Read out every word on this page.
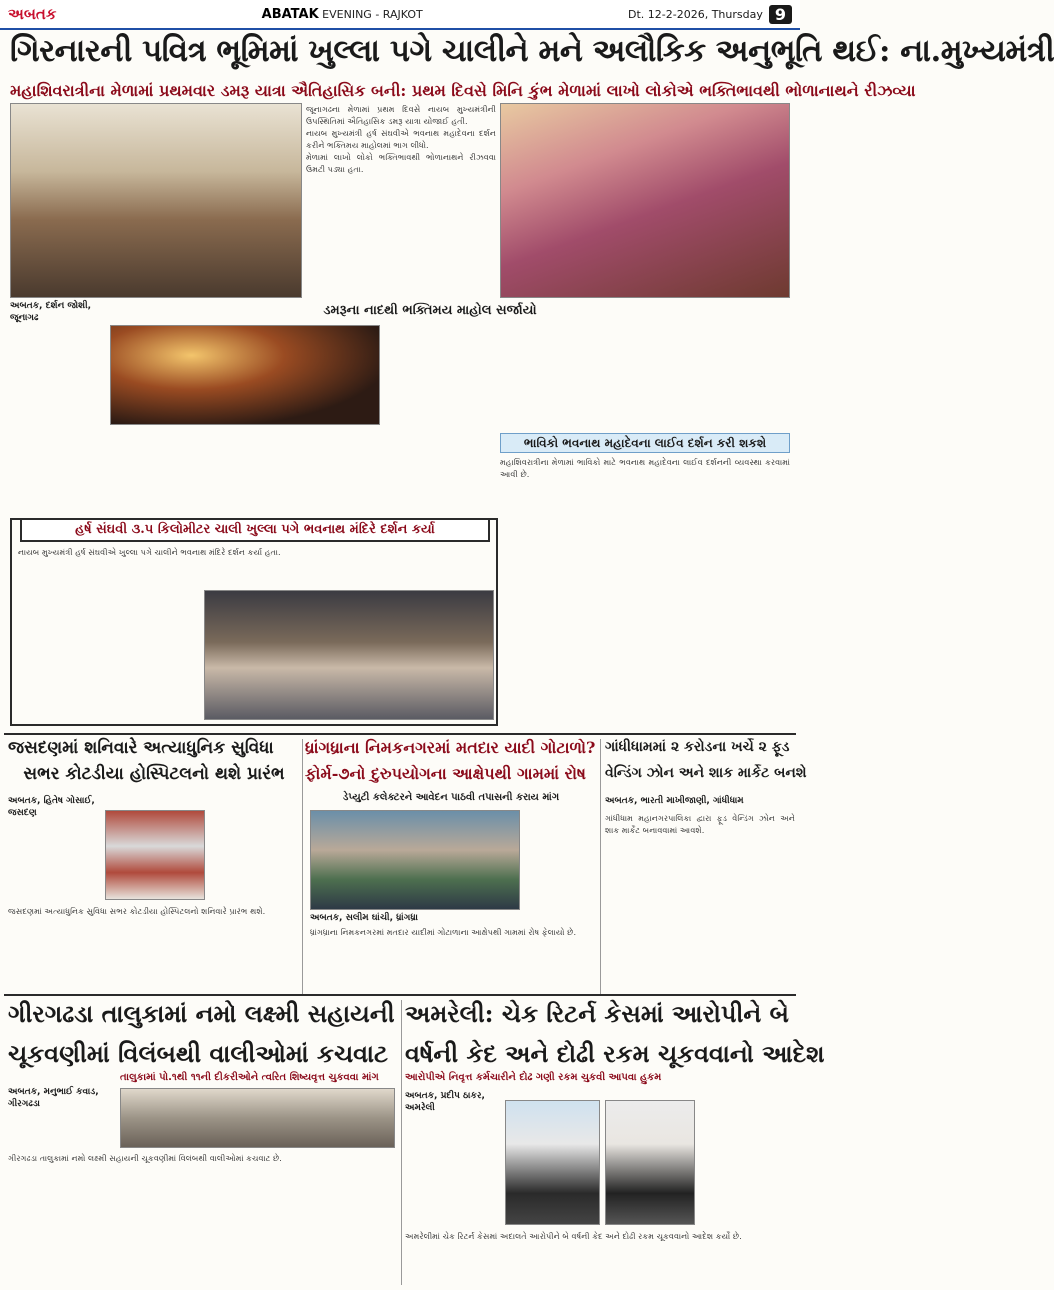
અબતક	ABATAK EVENING - RAJKOT	Dt. 12-2-2026, Thursday 9
ગિરનારની પવિત્ર ભૂમિમાં ખુલ્લા પગે ચાલીને મને અલૌકિક અનુભૂતિ થઈ: ના.મુખ્યમંત્રી
મહાશિવરાત્રીના મેળામાં પ્રથમવાર ડમરૂ યાત્રા ઐતિહાસિક બની: પ્રથમ દિવસે મિનિ કુંભ મેળામાં લાખો લોકોએ ભક્તિભાવથી ભોળાનાથને રીઝવ્યા
જૂનાગઢના મેળામાં પ્રથમ દિવસે નાયબ મુખ્યમંત્રીની ઉપસ્થિતિમાં ઐતિહાસિક ડમરૂ યાત્રા યોજાઈ હતી.
નાયબ મુખ્યમંત્રી હર્ષ સંઘવીએ ભવનાથ મહાદેવના દર્શન કરીને ભક્તિમય માહોલમાં ભાગ લીધો.
મેળામાં લાખો લોકો ભક્તિભાવથી ભોળાનાથને રીઝવવા ઉમટી પડ્યા હતા.
અબતક, દર્શન જોશી, જૂનાગઢ	ડમરૂના નાદથી ભક્તિમય માહોલ સર્જાયો
ભાવિકો ભવનાથ મહાદેવના લાઈવ દર્શન કરી શકશે
મહાશિવરાત્રીના મેળામાં ભાવિકો માટે ભવનાથ મહાદેવના લાઈવ દર્શનની વ્યવસ્થા કરવામાં આવી છે.
હર્ષ સંઘવી ૩.૫ કિલોમીટર ચાલી ખુલ્લા પગે ભવનાથ મંદિરે દર્શન કર્યા
નાયબ મુખ્યમંત્રી હર્ષ સંઘવીએ ખુલ્લા પગે ચાલીને ભવનાથ મંદિરે દર્શન કર્યા હતા.
જસદણમાં શનિવારે અત્યાધુનિક સુવિધા
સભર કોટડીયા હોસ્પિટલનો થશે પ્રારંભ
અબતક, હિતેષ ગોસાઈ, જસદણ
જસદણમાં અત્યાધુનિક સુવિધા સભર કોટડીયા હોસ્પિટલનો શનિવારે પ્રારંભ થશે.
ધ્રાંગધ્રાના નિમકનગરમાં મતદાર યાદી ગોટાળો?
ફોર્મ-૭નો દુરુપયોગના આક્ષેપથી ગામમાં રોષ
ડેપ્યુટી કલેક્ટરને આવેદન પાઠવી તપાસની કરાય માંગ
અબતક, સલીમ ઘાંચી, ધ્રાંગધ્રા
ધ્રાંગધ્રાના નિમકનગરમાં મતદાર યાદીમાં ગોટાળાના આક્ષેપથી ગામમાં રોષ ફેલાયો છે.
ગાંધીધામમાં ૨ કરોડના ખર્ચે ૨ ફૂડ
વેન્ડિંગ ઝોન અને શાક માર્કેટ બનશે
અબતક, ભારતી માખીજાણી, ગાંધીધામ
ગાંધીધામ મહાનગરપાલિકા દ્વારા ફૂડ વેન્ડિંગ ઝોન અને શાક માર્કેટ બનાવવામાં આવશે.
ગીરગઢડા તાલુકામાં નમો લક્ષ્મી સહાયની
ચૂકવણીમાં વિલંબથી વાલીઓમાં કચવાટ
તાલુકામાં પો.૧થી ૧૧ની દીકરીઓને ત્વરિત શિષ્યવૃત્ત ચુકવવા માંગ
અબતક, મનુભાઈ કવાડ, ગીરગઢડા
ગીરગઢડા તાલુકામાં નમો લક્ષ્મી સહાયની ચૂકવણીમાં વિલંબથી વાલીઓમાં કચવાટ છે.
અમરેલી: ચેક રિટર્ન કેસમાં આરોપીને બે
વર્ષની કેદ અને દોઢી રકમ ચૂકવવાનો આદેશ
આરોપીએ નિવૃત્ત કર્મચારીને દોઢ ગણી રકમ ચુકવી આપવા હુકમ
અબતક, પ્રદીપ ઠાકર, અમરેલી
અમરેલીમાં ચેક રિટર્ન કેસમાં અદાલતે આરોપીને બે વર્ષની કેદ અને દોઢી રકમ ચૂકવવાનો આદેશ કર્યો છે.
